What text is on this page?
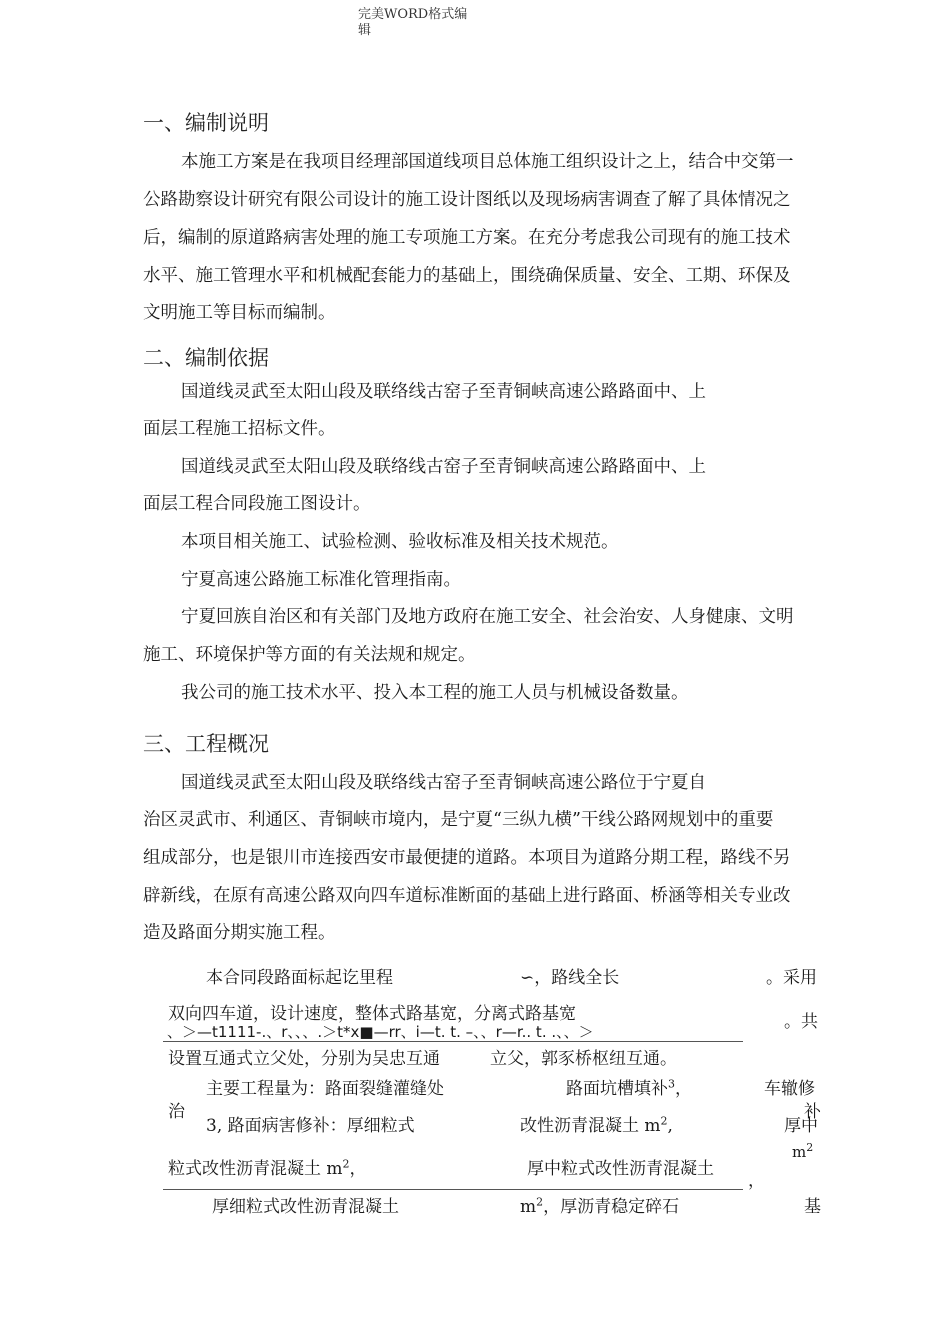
完美WORD格式编
辑
一、编制说明
本施工方案是在我项目经理部国道线项目总体施工组织设计之上，结合中交第一
公路勘察设计研究有限公司设计的施工设计图纸以及现场病害调查了解了具体情况之
后，编制的原道路病害处理的施工专项施工方案。在充分考虑我公司现有的施工技术
水平、施工管理水平和机械配套能力的基础上，围绕确保质量、安全、工期、环保及
文明施工等目标而编制。
二、编制依据
国道线灵武至太阳山段及联络线古窑子至青铜峡高速公路路面中、上
面层工程施工招标文件。
国道线灵武至太阳山段及联络线古窑子至青铜峡高速公路路面中、上
面层工程合同段施工图设计。
本项目相关施工、试验检测、验收标准及相关技术规范。
宁夏高速公路施工标准化管理指南。
宁夏回族自治区和有关部门及地方政府在施工安全、社会治安、人身健康、文明
施工、环境保护等方面的有关法规和规定。
我公司的施工技术水平、投入本工程的施工人员与机械设备数量。
三、工程概况
国道线灵武至太阳山段及联络线古窑子至青铜峡高速公路位于宁夏自
治区灵武市、利通区、青铜峡市境内，是宁夏“三纵九横”干线公路网规划中的重要
组成部分，也是银川市连接西安市最便捷的道路。本项目为道路分期工程，路线不另
辟新线，在原有高速公路双向四车道标准断面的基础上进行路面、桥涵等相关专业改
造及路面分期实施工程。
本合同段路面标起讫里程	∽，路线全长	。采用
双向四车道，设计速度，整体式路基宽，分离式路基宽	。共
、＞—t1111-.、r、、、.＞t*x■—rr、i—t. t. –、、r—r.. t. .、、＞
设置互通式立父处，分别为吴忠互通	立父，郭豕桥枢纽互通。
主要工程量为：路面裂缝灌缝处	路面坑槽填补$^3$，	车辙修
治	补
3, 路面病害修补：厚细粒式	改性沥青混凝土 $m^2$,	厚中
$m^2$
粒式改性沥青混凝土 $m^2$，	厚中粒式改性沥青混凝土
，
厚细粒式改性沥青混凝土	$m^2$，厚沥青稳定碎石	基
